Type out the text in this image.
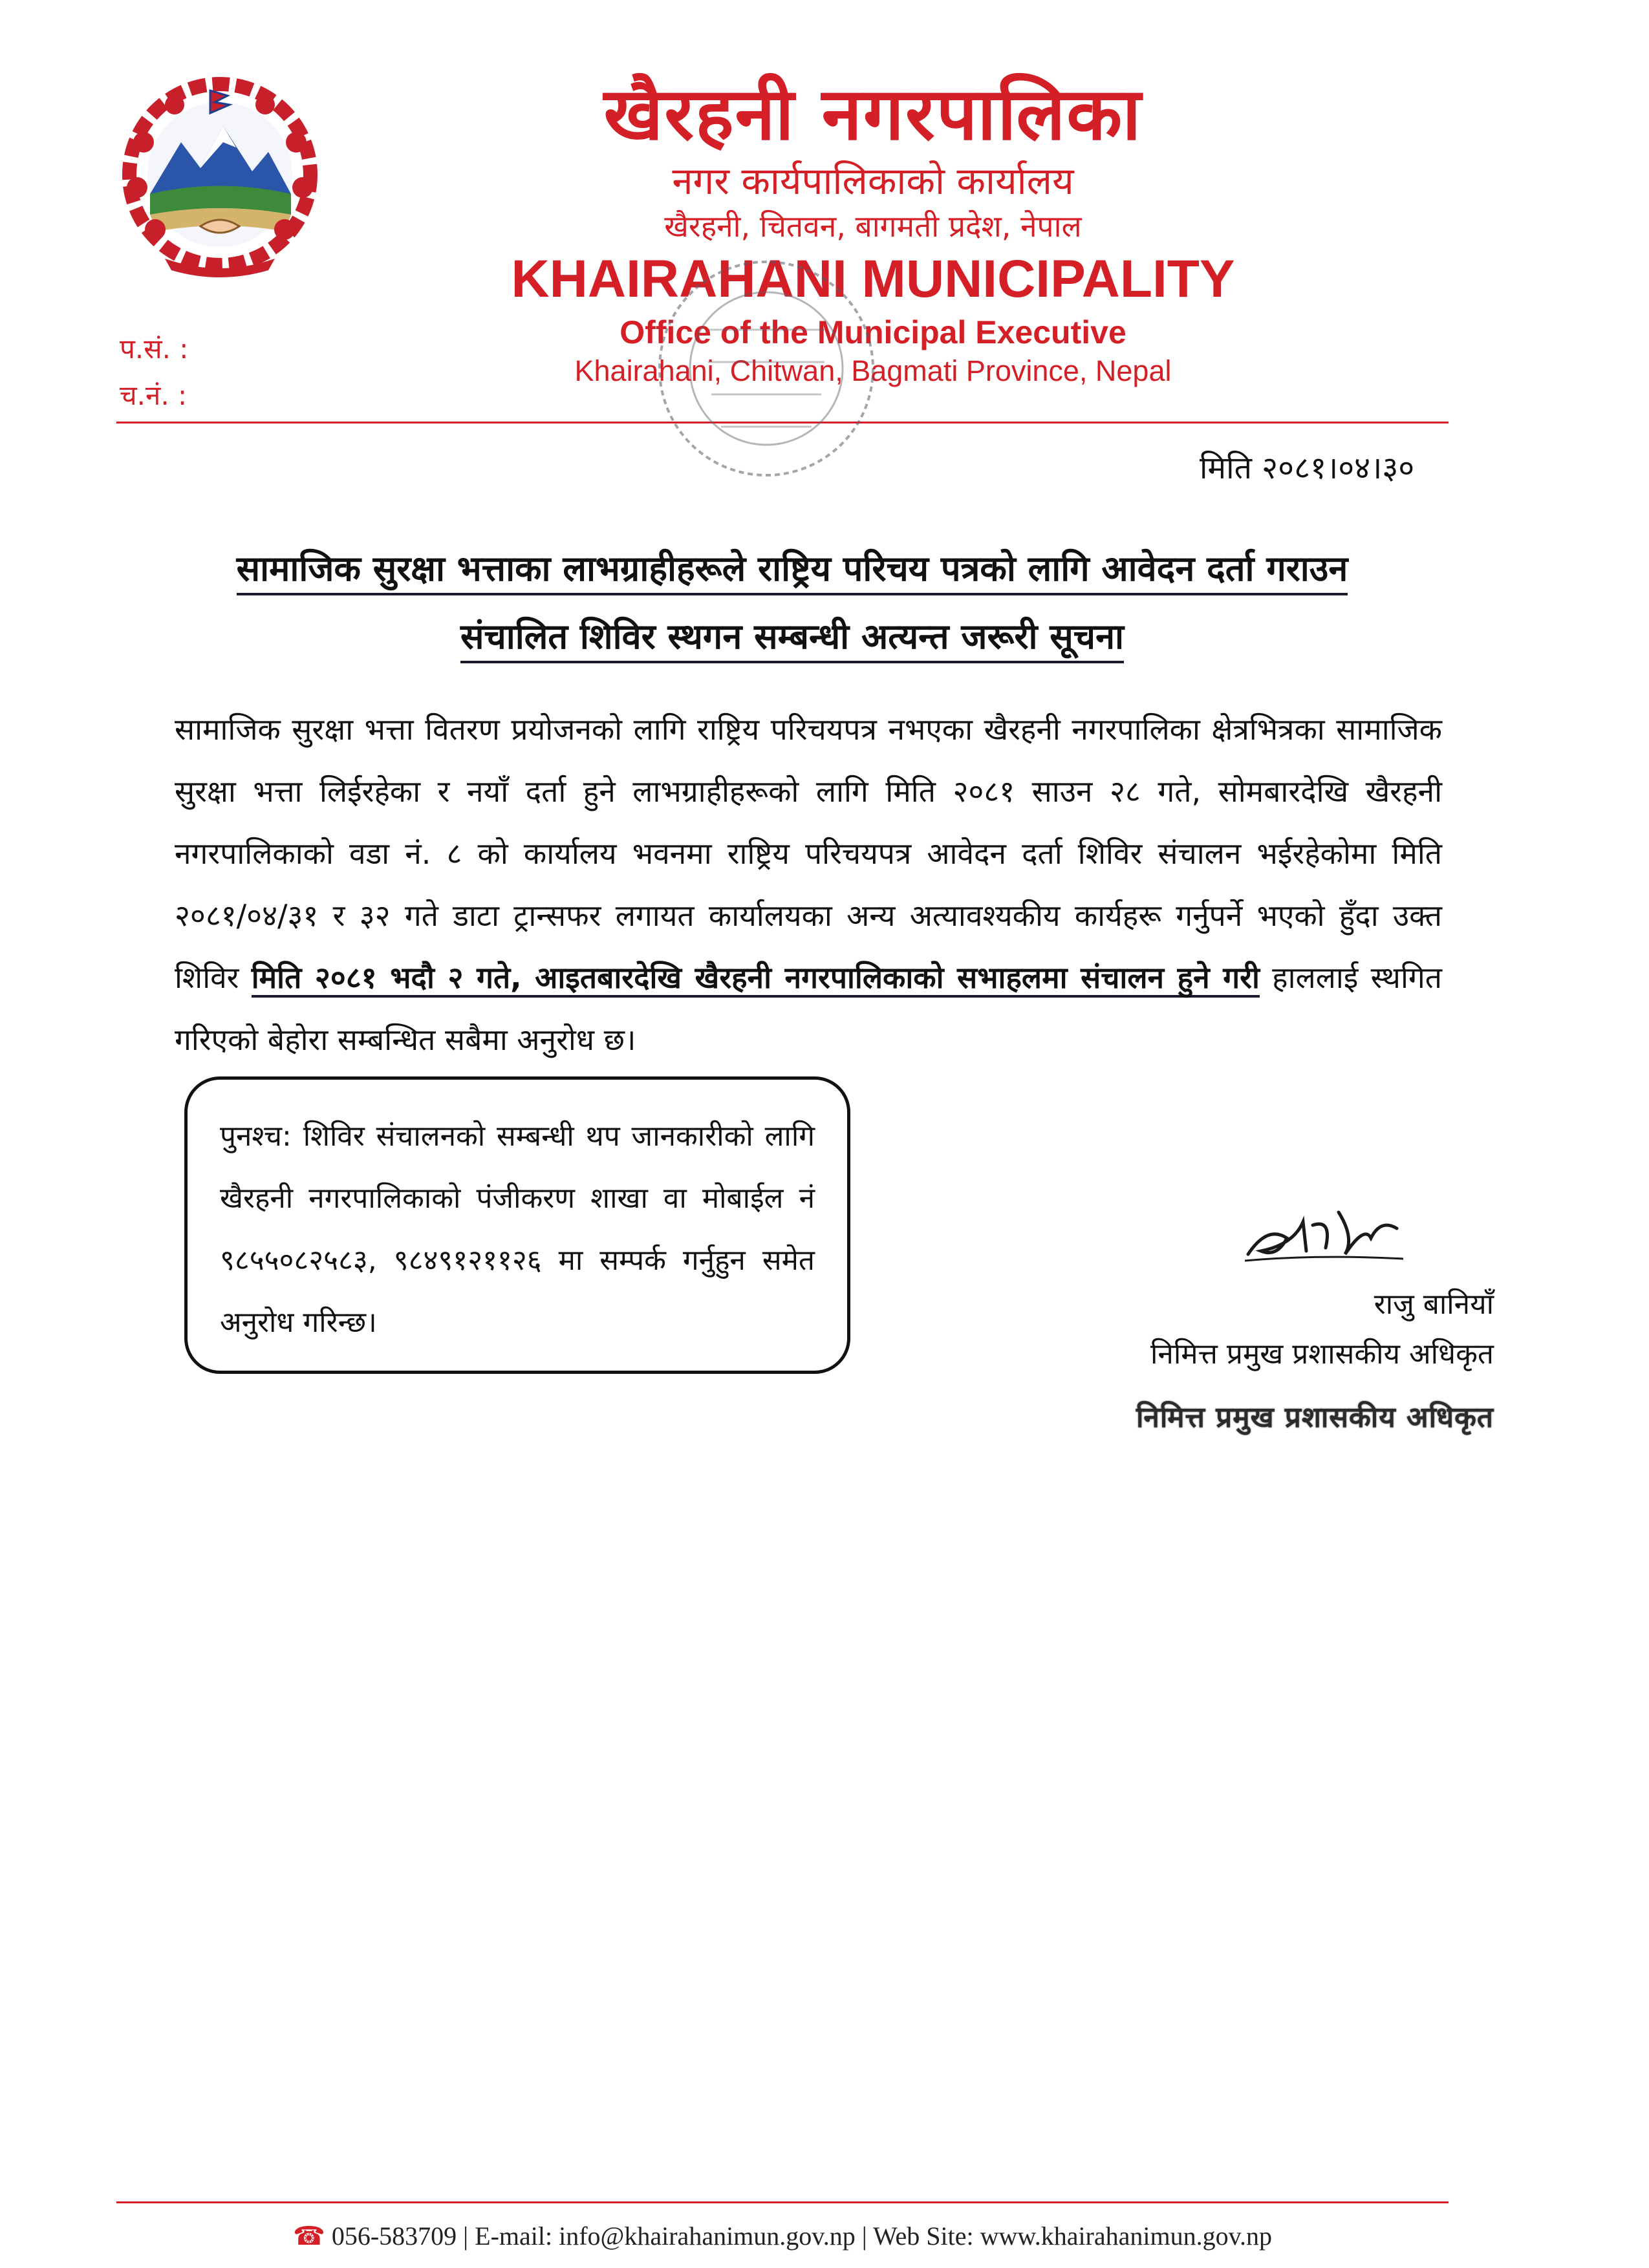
खैरहनी नगरपालिका
नगर कार्यपालिकाको कार्यालय
खैरहनी, चितवन, बागमती प्रदेश, नेपाल
KHAIRAHANI MUNICIPALITY
Office of the Municipal Executive
Khairahani, Chitwan, Bagmati Province, Nepal
प.सं. :
च.नं. :
मिति २०८१।०४।३०
सामाजिक सुरक्षा भत्ताका लाभग्राहीहरूले राष्ट्रिय परिचय पत्रको लागि आवेदन दर्ता गराउन
संचालित शिविर स्थगन सम्बन्धी अत्यन्त जरूरी सूचना
सामाजिक सुरक्षा भत्ता वितरण प्रयोजनको लागि राष्ट्रिय परिचयपत्र नभएका खैरहनी नगरपालिका क्षेत्रभित्रका सामाजिक सुरक्षा भत्ता लिईरहेका र नयाँ दर्ता हुने लाभग्राहीहरूको लागि मिति २०८१ साउन २८ गते, सोमबारदेखि खैरहनी नगरपालिकाको वडा नं. ८ को कार्यालय भवनमा राष्ट्रिय परिचयपत्र आवेदन दर्ता शिविर संचालन भईरहेकोमा मिति २०८१/०४/३१ र ३२ गते डाटा ट्रान्सफर लगायत कार्यालयका अन्य अत्यावश्यकीय कार्यहरू गर्नुपर्ने भएको हुँदा उक्त शिविर मिति २०८१ भदौ २ गते, आइतबारदेखि खैरहनी नगरपालिकाको सभाहलमा संचालन हुने गरी हाललाई स्थगित गरिएको बेहोरा सम्बन्धित सबैमा अनुरोध छ।
पुनश्च: शिविर संचालनको सम्बन्धी थप जानकारीको लागि खैरहनी नगरपालिकाको पंजीकरण शाखा वा मोबाईल नं ९८५५०८२५८३, ९८४९१२११२६ मा सम्पर्क गर्नुहुन समेत अनुरोध गरिन्छ।
राजु बानियाँ
निमित्त प्रमुख प्रशासकीय अधिकृत
निमित्त प्रमुख प्रशासकीय अधिकृत
☎ 056-583709 | E-mail: info@khairahanimun.gov.np | Web Site: www.khairahanimun.gov.np
